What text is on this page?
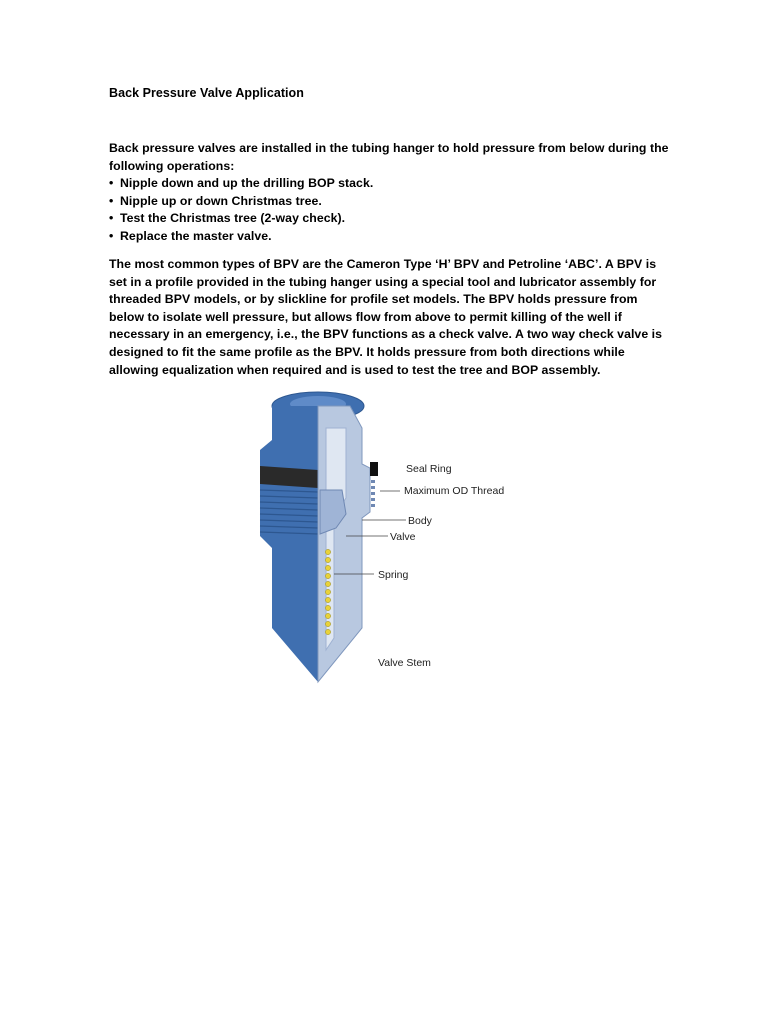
Back Pressure Valve Application
Back pressure valves are installed in the tubing hanger to hold pressure from below during the
following operations:
• Nipple down and up the drilling BOP stack.
• Nipple up or down Christmas tree.
• Test the Christmas tree (2-way check).
• Replace the master valve.
The most common types of BPV are the Cameron Type ‘H’ BPV and Petroline ‘ABC’. A BPV is
set in a profile provided in the tubing hanger using a special tool and lubricator assembly for
threaded BPV models, or by slickline for profile set models. The BPV holds pressure from
below to isolate well pressure, but allows flow from above to permit killing of the well if
necessary in an emergency, i.e., the BPV functions as a check valve. A two way check valve is
designed to fit the same profile as the BPV. It holds pressure from both directions while
allowing equalization when required and is used to test the tree and BOP assembly.
Seal Ring
Maximum OD Thread
Body
Valve
Spring
Valve Stem
